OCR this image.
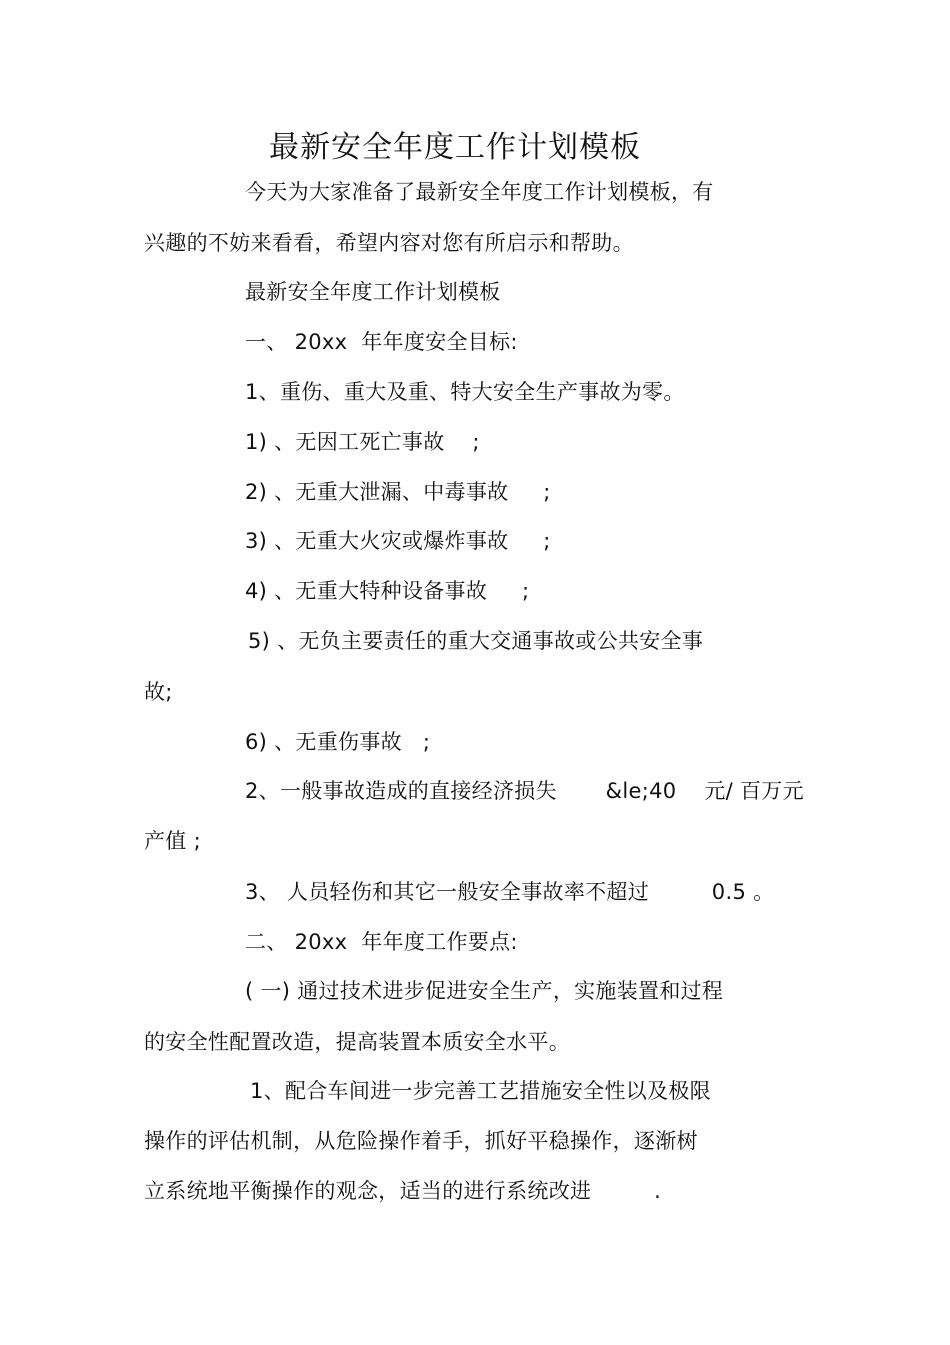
最新安全年度工作计划模板
今天为大家准备了最新安全年度工作计划模板，有
兴趣的不妨来看看，希望内容对您有所启示和帮助。
最新安全年度工作计划模板
一、 20xx  年年度安全目标:
1、重伤、重大及重、特大安全生产事故为零。
1) 、无因工死亡事故    ;
2) 、无重大泄漏、中毒事故     ;
3) 、无重大火灾或爆炸事故     ;
4) 、无重大特种设备事故     ;
5) 、无负主要责任的重大交通事故或公共安全事
故;
6) 、无重伤事故   ;
2、一般事故造成的直接经济损失       &le;40    元/ 百万元
产值 ;
3、 人员轻伤和其它一般安全事故率不超过         0.5 。
二、 20xx  年年度工作要点:
( 一) 通过技术进步促进安全生产，实施装置和过程
的安全性配置改造，提高装置本质安全水平。
1、配合车间进一步完善工艺措施安全性以及极限
操作的评估机制，从危险操作着手，抓好平稳操作，逐渐树
立系统地平衡操作的观念，适当的进行系统改进         .
